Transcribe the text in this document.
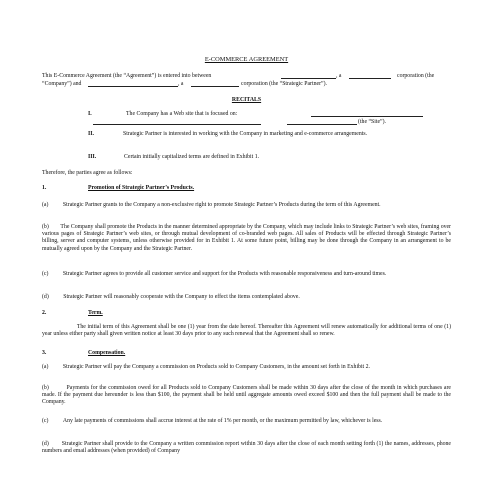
E-COMMERCE AGREEMENT

This E-Commerce Agreement (the “Agreement”) is entered into between	, a	corporation (the
“Company”) and	, a	corporation (the “Strategic Partner”).

RECITALS

I.	The Company has a Web site that is focused on:
(the “Site”).
II.	Strategic Partner is interested in working with the Company in marketing and e-commerce arrangements.

III.	Certain initially capitalized terms are defined in Exhibit 1.

Therefore, the parties agree as follows:

1.	Promotion of Strategic Partner’s Products.

(a)          Strategic Partner grants to the Company a non-exclusive right to promote Strategic Partner’s Products during the term of this Agreement.

(b)        The Company shall promote the Products in the manner determined appropriate by the Company, which may include links to Strategic Partner’s web sites, framing over various pages of Strategic Partner’s web sites, or through mutual development of co-branded web pages. All sales of Products will be effected through Strategic Partner’s billing, server and computer systems, unless otherwise provided for in Exhibit 1. At some future point, billing may be done through the Company in an arrangement to be mutually agreed upon by the Company and the Strategic Partner.

(c)          Strategic Partner agrees to provide all customer service and support for the Products with reasonable responsiveness and turn-around times.

(d)          Strategic Partner will reasonably cooperate with the Company to effect the items contemplated above.

2.	Term.

The initial term of this Agreement shall be one (1) year from the date hereof. Thereafter this Agreement will renew automatically for additional terms of one (1) year unless either party shall given written notice at least 30 days prior to any such renewal that the Agreement shall so renew.

3.	Compensation.

(a)          Strategic Partner will pay the Company a commission on Products sold to Company Customers, in the amount set forth in Exhibit 2.

(b)          Payments for the commission owed for all Products sold to Company Customers shall be made within 30 days after the close of the month in which purchases are made. If the payment due hereunder is less than $100, the payment shall be held until aggregate amounts owed exceed $100 and then the full payment shall be made to the Company.

(c)          Any late payments of commissions shall accrue interest at the rate of 1% per month, or the maximum permitted by law, whichever is less.

(d)        Strategic Partner shall provide to the Company a written commission report within 30 days after the close of each month setting forth (1) the names, addresses, phone numbers and email addresses (when provided) of Company
